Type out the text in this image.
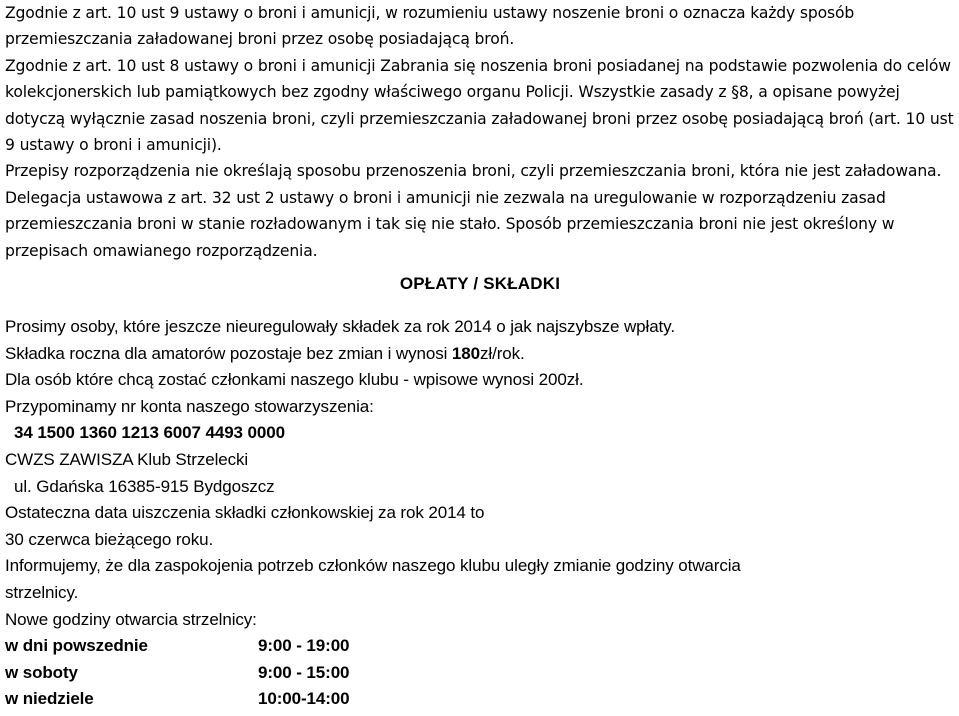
Zgodnie z art. 10 ust 9 ustawy o broni i amunicji, w rozumieniu ustawy noszenie broni o oznacza każdy sposób przemieszczania załadowanej broni przez osobę posiadającą broń.

Zgodnie z art. 10 ust 8 ustawy o broni i amunicji Zabrania się noszenia broni posiadanej na podstawie pozwolenia do celów kolekcjonerskich lub pamiątkowych bez zgodny właściwego organu Policji. Wszystkie zasady z §8, a opisane powyżej dotyczą wyłącznie zasad noszenia broni, czyli przemieszczania załadowanej broni przez osobę posiadającą broń (art. 10 ust 9 ustawy o broni i amunicji).

Przepisy rozporządzenia nie określają sposobu przenoszenia broni, czyli przemieszczania broni, która nie jest załadowana. Delegacja ustawowa z art. 32 ust 2 ustawy o broni i amunicji nie zezwala na uregulowanie w rozporządzeniu zasad przemieszczania broni w stanie rozładowanym i tak się nie stało. Sposób przemieszczania broni nie jest określony w przepisach omawianego rozporządzenia.

OPŁATY / SKŁADKI

Prosimy osoby, które jeszcze nieuregulowały składek za rok 2014 o jak najszybsze wpłaty.

Składka roczna dla amatorów pozostaje bez zmian i wynosi 180zł/rok.

Dla osób które chcą zostać członkami naszego klubu - wpisowe wynosi 200zł.

Przypominamy nr konta naszego stowarzyszenia:

34 1500 1360 1213 6007 4493 0000

CWZS ZAWISZA Klub Strzelecki

ul. Gdańska 16385-915 Bydgoszcz

Ostateczna data uiszczenia składki członkowskiej za rok 2014 to

30 czerwca bieżącego roku.

Informujemy, że dla zaspokojenia potrzeb członków naszego klubu uległy zmianie godziny otwarcia

strzelnicy.

Nowe godziny otwarcia strzelnicy:

w dni powszednie	9:00 - 19:00
w soboty	9:00 - 15:00
w niedziele	10:00-14:00
